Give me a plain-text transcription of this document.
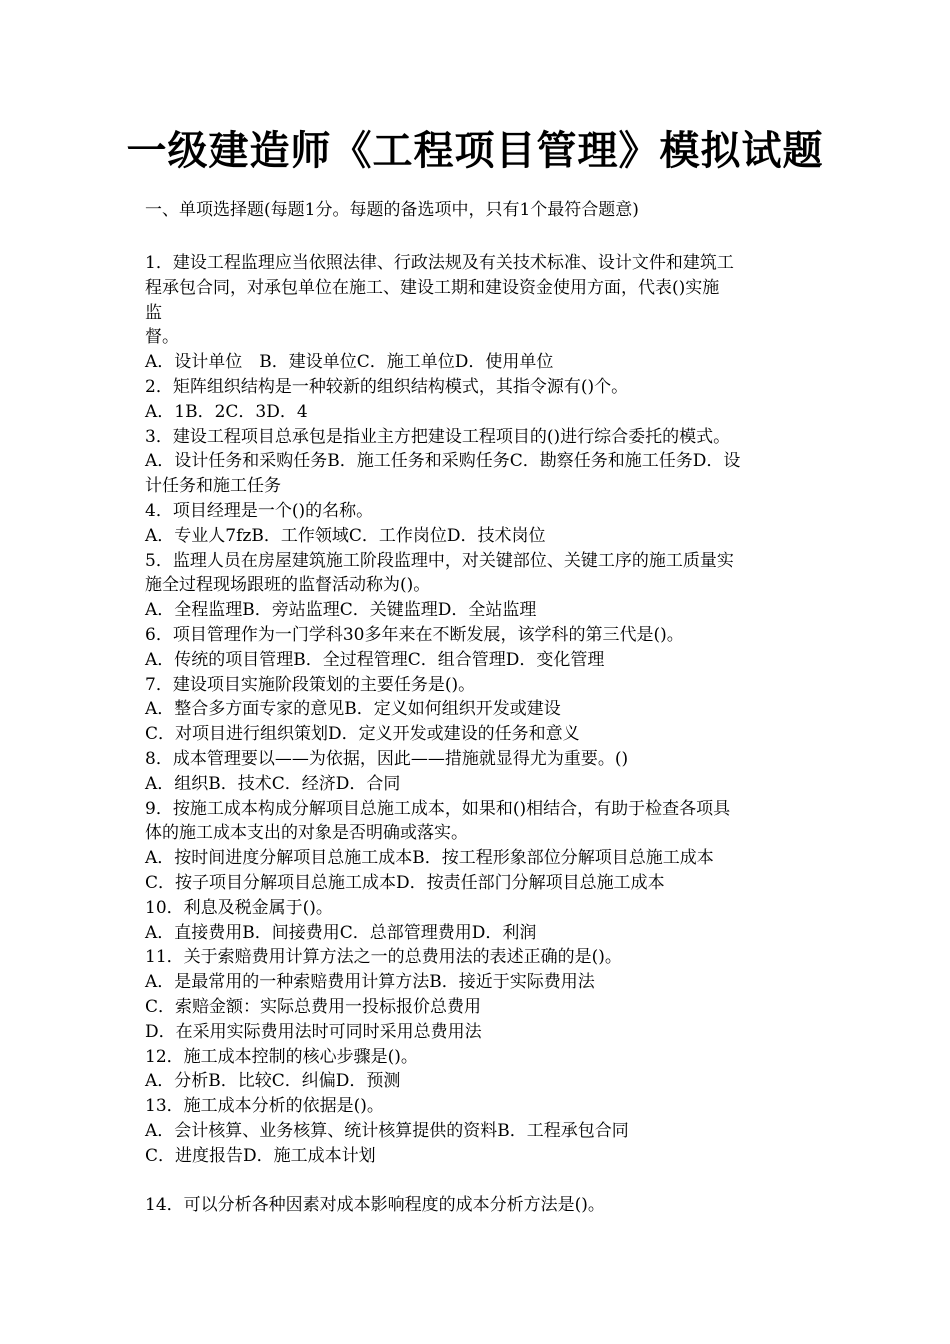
一级建造师《工程项目管理》模拟试题
一、单项选择题(每题1分。每题的备选项中，只有1个最符合题意)
1．建设工程监理应当依照法律、行政法规及有关技术标准、设计文件和建筑工
程承包合同，对承包单位在施工、建设工期和建设资金使用方面，代表()实施
监
督。
A．设计单位　B．建设单位C．施工单位D．使用单位
2．矩阵组织结构是一种较新的组织结构模式，其指令源有()个。
A．1B．2C．3D．4
3．建设工程项目总承包是指业主方把建设工程项目的()进行综合委托的模式。
A．设计任务和采购任务B．施工任务和采购任务C．勘察任务和施工任务D．设
计任务和施工任务
4．项目经理是一个()的名称。
A．专业人7fzB．工作领域C．工作岗位D．技术岗位
5．监理人员在房屋建筑施工阶段监理中，对关键部位、关键工序的施工质量实
施全过程现场跟班的监督活动称为()。
A．全程监理B．旁站监理C．关键监理D．全站监理
6．项目管理作为一门学科30多年来在不断发展，该学科的第三代是()。
A．传统的项目管理B．全过程管理C．组合管理D．变化管理
7．建设项目实施阶段策划的主要任务是()。
A．整合多方面专家的意见B．定义如何组织开发或建设
C．对项目进行组织策划D．定义开发或建设的任务和意义
8．成本管理要以——为依据，因此——措施就显得尤为重要。()
A．组织B．技术C．经济D．合同
9．按施工成本构成分解项目总施工成本，如果和()相结合，有助于检查各项具
体的施工成本支出的对象是否明确或落实。
A．按时间进度分解项目总施工成本B．按工程形象部位分解项目总施工成本
C．按子项目分解项目总施工成本D．按责任部门分解项目总施工成本
10．利息及税金属于()。
A．直接费用B．间接费用C．总部管理费用D．利润
11．关于索赔费用计算方法之一的总费用法的表述正确的是()。
A．是最常用的一种索赔费用计算方法B．接近于实际费用法
C．索赔金额：实际总费用一投标报价总费用
D．在采用实际费用法时可同时采用总费用法
12．施工成本控制的核心步骤是()。
A．分析B．比较C．纠偏D．预测
13．施工成本分析的依据是()。
A．会计核算、业务核算、统计核算提供的资料B．工程承包合同
C．进度报告D．施工成本计划
14．可以分析各种因素对成本影响程度的成本分析方法是()。
